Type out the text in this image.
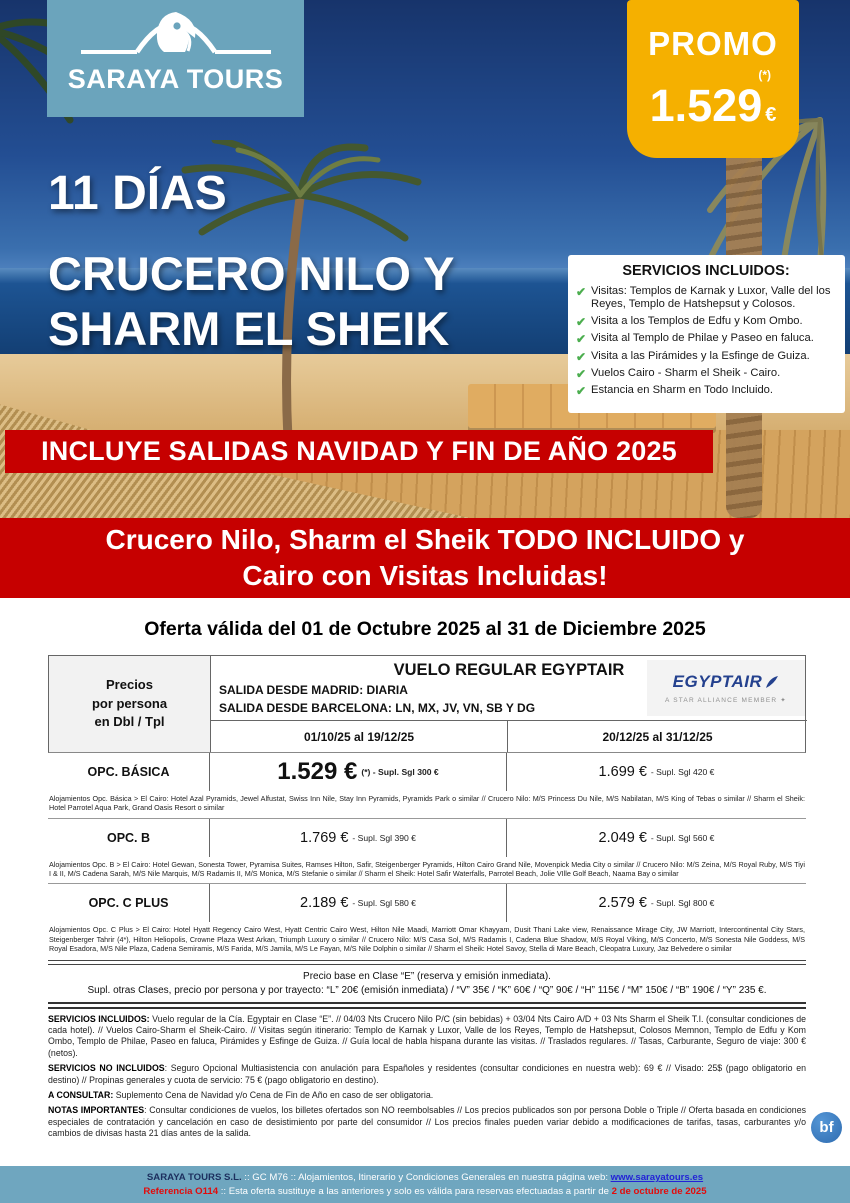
SARAYA TOURS
PROMO
(*)
1.529 €
11 DÍAS
CRUCERO NILO Y
SHARM EL SHEIK
SERVICIOS INCLUIDOS:
✔ Visitas: Templos de Karnak y Luxor, Valle del los Reyes, Templo de Hatshepsut y Colosos.
✔ Visita a los Templos de Edfu y Kom Ombo.
✔ Visita al Templo de Philae y Paseo en faluca.
✔ Visita a las Pirámides y la Esfinge de Guiza.
✔ Vuelos Cairo - Sharm el Sheik - Cairo.
✔ Estancia en Sharm en Todo Incluido.
INCLUYE SALIDAS NAVIDAD Y FIN DE AÑO 2025
Crucero Nilo, Sharm el Sheik TODO INCLUIDO y
Cairo con Visitas Incluidas!
Oferta válida del 01 de Octubre 2025 al 31 de Diciembre 2025
Precios
por persona
en Dbl / Tpl
VUELO REGULAR EGYPTAIR
SALIDA DESDE MADRID: DIARIA
SALIDA DESDE BARCELONA: LN, MX, JV, VN, SB Y DG
EGYPTAIR
A STAR ALLIANCE MEMBER ✦
01/10/25 al 19/12/25	20/12/25 al 31/12/25
OPC. BÁSICA	1.529 € (*) - Supl. Sgl 300 €	1.699 € - Supl. Sgl 420 €
Alojamientos Opc. Básica > El Cairo: Hotel Azal Pyramids, Jewel Alfustat, Swiss Inn Nile, Stay Inn Pyramids, Pyramids Park o similar // Crucero Nilo: M/S Princess Du Nile, M/S Nabilatan, M/S King of Tebas o similar // Sharm el Sheik: Hotel Parrotel Aqua Park, Grand Oasis Resort o similar
OPC. B	1.769 € - Supl. Sgl 390 €	2.049 € - Supl. Sgl 560 €
Alojamientos Opc. B > El Cairo: Hotel Gewan, Sonesta Tower, Pyramisa Suites, Ramses Hilton, Safir, Steigenberger Pyramids, Hilton Cairo Grand Nile, Movenpick Media City o similar // Crucero Nilo: M/S Zeina, M/S Royal Ruby, M/S Tiyi I & II, M/S Cadena Sarah, M/S Nile Marquis, M/S Radamis II, M/S Monica, M/S Stefanie o similar // Sharm el Sheik: Hotel Safir Waterfalls, Parrotel Beach, Jolie VIlle Golf Beach, Naama Bay o similar
OPC. C PLUS	2.189 € - Supl. Sgl 580 €	2.579 € - Supl. Sgl 800 €
Alojamientos Opc. C Plus > El Cairo: Hotel Hyatt Regency Cairo West, Hyatt Centric Cairo West, Hilton Nile Maadi, Marriott Omar Khayyam, Dusit Thani Lake view, Renaissance Mirage City, JW Marriott, Intercontinental City Stars, Steigenberger Tahrir (4*), Hilton Heliopolis, Crowne Plaza West Arkan, Triumph Luxury o similar // Crucero Nilo: M/S Casa Sol, M/S Radamis I, Cadena Blue Shadow, M/S Royal Viking, M/S Concerto, M/S Sonesta Nile Goddess, M/S Royal Esadora, M/S Nile Plaza, Cadena Semiramis, M/S Farida, M/S Jamila, M/S Le Fayan, M/S Nile Dolphin o similar // Sharm el Sheik: Hotel Savoy, Stella di Mare Beach, Cleopatra Luxury, Jaz Belvedere o similar
Precio base en Clase “E” (reserva y emisión inmediata).
Supl. otras Clases, precio por persona y por trayecto: “L” 20€ (emisión inmediata) / “V” 35€ / “K” 60€ / “Q” 90€ / “H” 115€ / “M” 150€ / “B” 190€ / “Y” 235 €.
SERVICIOS INCLUIDOS: Vuelo regular de la Cía. Egyptair en Clase “E”. // 04/03 Nts Crucero Nilo P/C (sin bebidas) + 03/04 Nts Cairo A/D + 03 Nts Sharm el Sheik T.I. (consultar condiciones de cada hotel). // Vuelos Cairo-Sharm el Sheik-Cairo. // Visitas según itinerario: Templo de Karnak y Luxor, Valle de los Reyes, Templo de Hatshepsut, Colosos Memnon, Templo de Edfu y Kom Ombo, Templo de Philae, Paseo en faluca, Pirámides y Esfinge de Guiza. // Guía local de habla hispana durante las visitas. // Traslados regulares. // Tasas, Carburante, Seguro de viaje: 300 € (netos).
SERVICIOS NO INCLUIDOS: Seguro Opcional Multiasistencia con anulación para Españoles y residentes (consultar condiciones en nuestra web): 69 € // Visado: 25$ (pago obligatorio en destino) // Propinas generales y cuota de servicio: 75 € (pago obligatorio en destino).
A CONSULTAR: Suplemento Cena de Navidad y/o Cena de Fin de Año en caso de ser obligatoria.
NOTAS IMPORTANTES: Consultar condiciones de vuelos, los billetes ofertados son NO reembolsables // Los precios publicados son por persona Doble o Triple // Oferta basada en condiciones especiales de contratación y cancelación en caso de desistimiento por parte del consumidor // Los precios finales pueden variar debido a modificaciones de tarifas, tasas, carburantes y/o cambios de divisas hasta 21 días antes de la salida.	bf
SARAYA TOURS S.L. :: GC M76 :: Alojamientos, Itinerario y Condiciones Generales en nuestra página web: www.sarayatours.es
Referencia O114 :: Esta oferta sustituye a las anteriores y solo es válida para reservas efectuadas a partir de 2 de octubre de 2025
